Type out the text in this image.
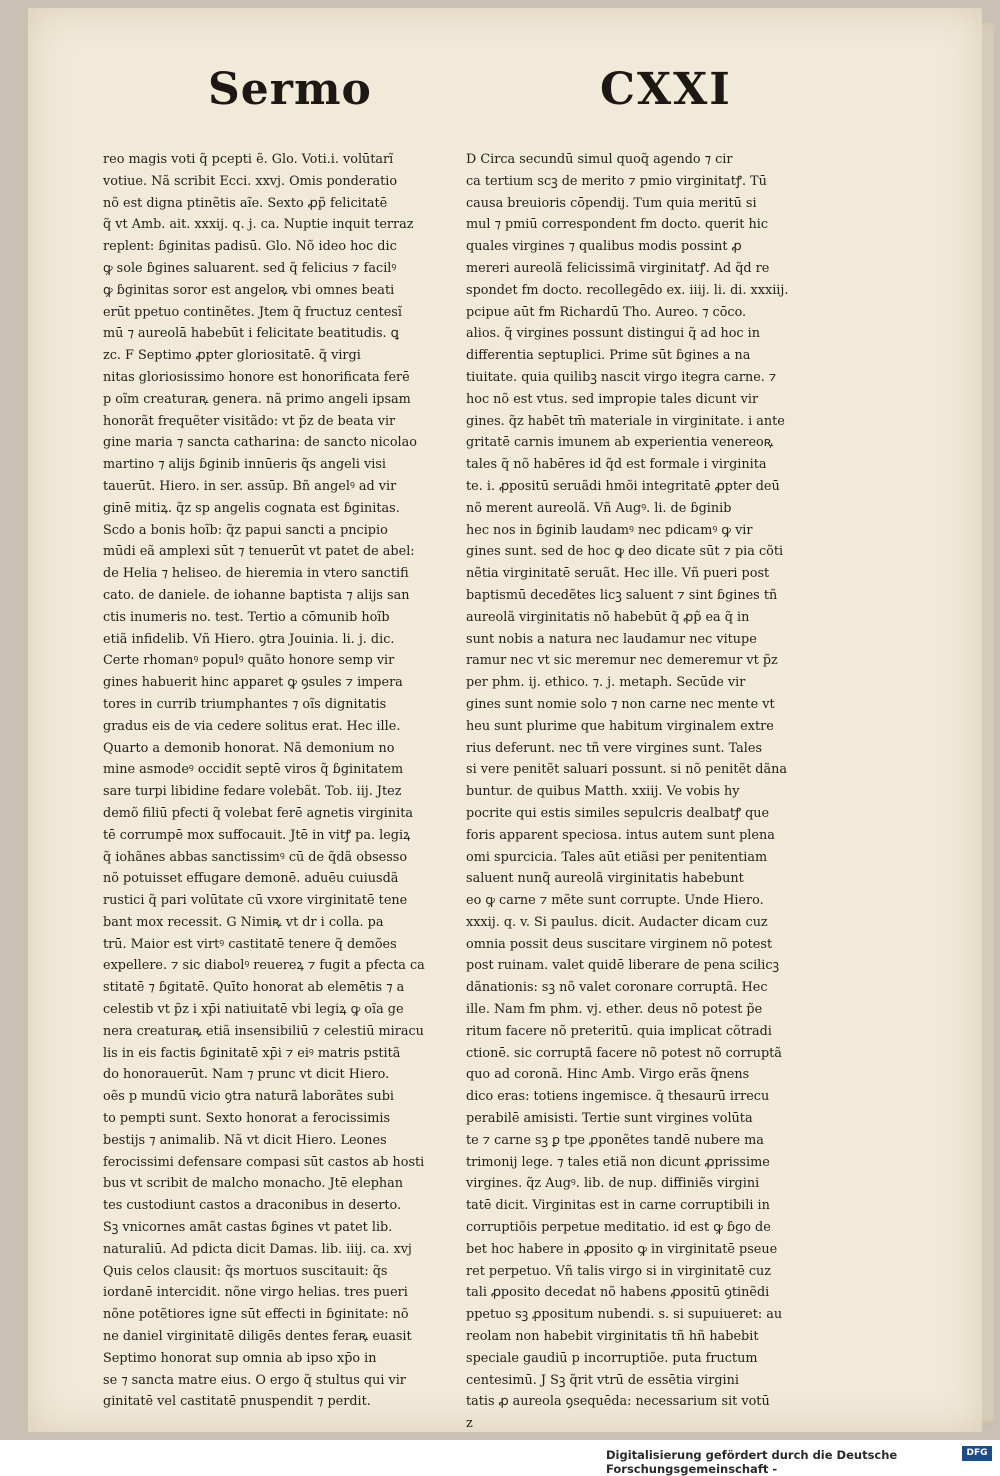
Sermo	CXXI
reo magis voti q̃ pcepti ẽ. Glo. Voti.i. volūtarĩ
votiue. Nã scribit Ecci. xxvj. Omis ponderatio
nõ est digna ptinẽtis aĩe. Sexto ꝓp̃ felicitatē
q̃ vt Amb. ait. xxxij. q. j. ca. Nuptie inquit terraz
replent: ɓginitas padisū. Glo. Nõ ideo hoc dic
ꝙ sole ɓgines saluarent. sed q̃ felicius ⁊ facilꝰ
ꝙ ɓginitas soror est angeloꝶ vbi omnes beati
erūt ppetuo continẽtes. Jtem q̃ fructuz centesĩ
mū ⁊ aureolā habebūt i felicitate beatitudis. ꝗ
zc. F Septimo ꝓpter gloriositatē. q̃ virgi
nitas gloriosissimo honore est honorificata ferē
p oĩm creaturaꝶ genera. nã primo angeli ipsam
honorãt frequẽter visitãdo: vt p̃z de beata vir
gine maria ⁊ sancta catharina: de sancto nicolao
martino ⁊ alijs ɓginib innūeris q̃s angeli visi
tauerūt. Hiero. in ser. assūp. Bñ angelꝰ ad vir
ginē mitiꝝ. q̃z sp angelis cognata est ɓginitas.
Scdo a bonis hoĩb: q̃z papui sancti a pncipio
mūdi eã amplexi sūt ⁊ tenuerūt vt patet de abel:
de Helia ⁊ heliseo. de hieremia in vtero sanctifi
cato. de daniele. de iohanne baptista ⁊ alijs san
ctis inumeris no. test. Tertio a cōmunib hoĩb
etiã infidelib. Vñ Hiero. ꝯtra Jouinia. li. j. dic.
Certe rhomanꝰ populꝰ quãto honore semp vir
gines habuerit hinc apparet ꝙ ꝯsules ⁊ impera
tores in currib triumphantes ⁊ oĩs dignitatis
gradus eis de via cedere solitus erat. Hec ille.
Quarto a demonib honorat. Nã demonium no
mine asmodeꝰ occidit septē viros q̃ ɓginitatem
sare turpi libidine fedare volebãt. Tob. iij. Jtez
demõ filiū pfecti q̃ volebat ferē agnetis virginita
tē corrumpē mox suffocauit. Jtē in vitꝭ pa. legiꝝ
q̃ iohãnes abbas sanctissimꝰ cū de q̃dã obsesso
nõ potuisset effugare demonē. aduēu cuiusdã
rustici q̃ pari volūtate cū vxore virginitatē tene
bant mox recessit. G Nimiꝶ vt dr i colla. pa
trū. Maior est virtꝰ castitatē tenere q̃ demões
expellere. ⁊ sic diabolꝰ reuereꝝ ⁊ fugit a pfecta ca
stitatē ⁊ ɓgitatē. Quīto honorat ab elemētis ⁊ a
celestib vt p̃z i xp̄i natiuitatē vbi legiꝝ ꝙ oĩa ge
nera creaturaꝶ etiã insensibiliū ⁊ celestiū miracu
lis in eis factis ɓginitatē xp̄i ⁊ eiꝰ matris pstitã
do honorauerūt. Nam ⁊ prunc vt dicit Hiero.
oẽs p mundū vicio ꝯtra naturã laborãtes subi
to pempti sunt. Sexto honorat a ferocissimis
bestijs ⁊ animalib. Nã vt dicit Hiero. Leones
ferocissimi defensare compasi sūt castos ab hosti
bus vt scribit de malcho monacho. Jtē elephan
tes custodiunt castos a draconibus in deserto.
Sꝫ vnicornes amãt castas ɓgines vt patet lib.
naturaliū. Ad pdicta dicit Damas. lib. iiij. ca. xvj
Quis celos clausit: q̃s mortuos suscitauit: q̃s
iordanē intercidit. nõne virgo helias. tres pueri
nõne potẽtiores igne sūt effecti in ɓginitate: nõ
ne daniel virginitatē diligēs dentes feraꝶ euasit
Septimo honorat sup omnia ab ipso xp̄o in
se ⁊ sancta matre eius. O ergo q̃ stultus qui vir
ginitatē vel castitatē pnuspendit ⁊ perdit.
D Circa secundū simul quoq̃ agendo ⁊ cir
ca tertium scꝫ de merito ⁊ pmio virginitatꝭ. Tū
causa breuioris cōpendij. Tum quia meritū si
mul ⁊ pmiū correspondent fm docto. querit hic
quales virgines ⁊ qualibus modis possint ꝓ
mereri aureolã felicissimã virginitatꝭ. Ad q̃d re
spondet fm docto. recollegēdo ex. iiij. li. di. xxxiij.
pcipue aūt fm Richardū Tho. Aureo. ⁊ cōco.
alios. q̃ virgines possunt distingui q̃ ad hoc in
differentia septuplici. Prime sūt ɓgines a na
tiuitate. quia quilibꝫ nascit virgo itegra carne. ⁊
hoc nõ est vtus. sed impropie tales dicunt vir
gines. q̃z habēt tm̄ materiale in virginitate. i ante
gritatē carnis imunem ab experientia venereoꝶ
tales q̃ nõ habēres id q̃d est formale i virginita
te. i. ꝓpositū seruãdi hmõi integritatē ꝓpter deū
nõ merent aureolã. Vñ Augꝰ. li. de ɓginib
hec nos in ɓginib laudamꝰ nec pdicamꝰ ꝙ vir
gines sunt. sed de hoc ꝙ deo dicate sūt ⁊ pia cõti
nẽtia virginitatē seruãt. Hec ille. Vñ pueri post
baptismū decedẽtes licꝫ saluent ⁊ sint ɓgines tñ
aureolã virginitatis nõ habebūt q̃ ꝓp̃ ea q̃ in
sunt nobis a natura nec laudamur nec vitupe
ramur nec vt sic meremur nec demeremur vt p̃z
per phm. ij. ethico. ⁊. j. metaph. Secūde vir
gines sunt nomie solo ⁊ non carne nec mente vt
heu sunt plurime que habitum virginalem extre
rius deferunt. nec tñ vere virgines sunt. Tales
si vere penitẽt saluari possunt. si nõ penitẽt dãna
buntur. de quibus Matth. xxiij. Ve vobis hy
pocrite qui estis similes sepulcris dealbatꝭ que
foris apparent speciosa. intus autem sunt plena
omi spurcicia. Tales aūt etiãsi per penitentiam
saluent nunq̃ aureolã virginitatis habebunt
eo ꝙ carne ⁊ mẽte sunt corrupte. Unde Hiero.
xxxij. q. v. Si paulus. dicit. Audacter dicam cuz
omnia possit deus suscitare virginem nõ potest
post ruinam. valet quidē liberare de pena scilicꝫ
dãnationis: sꝫ nõ valet coronare corruptã. Hec
ille. Nam fm phm. vj. ether. deus nõ potest p̃e
ritum facere nõ preteritū. quia implicat cõtradi
ctionē. sic corruptã facere nõ potest nõ corruptã
quo ad coronã. Hinc Amb. Virgo erãs q̃nens
dico eras: totiens ingemisce. q̃ thesaurū irrecu
perabilē amisisti. Tertie sunt virgines volūta
te ⁊ carne sꝫ ꝑ tpe ꝓponẽtes tandē nubere ma
trimonij lege. ⁊ tales etiã non dicunt ꝓprissime
virgines. q̃z Augꝰ. lib. de nup. diffiniẽs virgini
tatē dicit. Virginitas est in carne corruptibili in
corruptiõis perpetue meditatio. id est ꝙ ɓgo de
bet hoc habere in ꝓposito ꝙ in virginitatē pseue
ret perpetuo. Vñ talis virgo si in virginitatē cuz
tali ꝓposito decedat nõ habens ꝓpositū ꝯtinẽdi
ppetuo sꝫ ꝓpositum nubendi. s. si supuiueret: au
reolam non habebit virginitatis tñ hñ habebit
speciale gaudiū p incorruptiõe. puta fructum
centesimū. J Sꝫ q̃rit vtrū de essētia virgini
tatis ꝓ aureola ꝯsequēda: necessarium sit votū
z
Digitalisierung gefördert durch die Deutsche Forschungsgemeinschaft -
DFG
